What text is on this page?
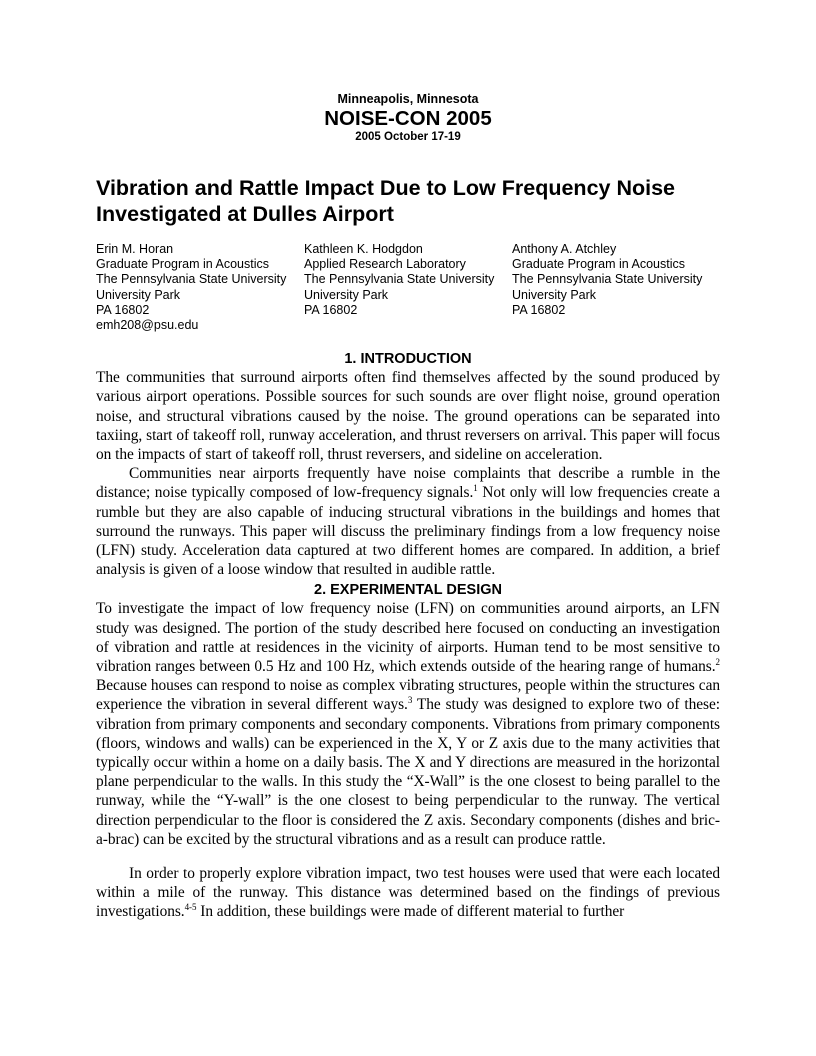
Minneapolis, Minnesota
NOISE-CON 2005
2005 October 17-19
Vibration and Rattle Impact Due to Low Frequency Noise Investigated at Dulles Airport
Erin M. Horan
Graduate Program in Acoustics
The Pennsylvania State University
University Park
PA 16802
emh208@psu.edu
Kathleen K. Hodgdon
Applied Research Laboratory
The Pennsylvania State University
University Park
PA 16802
Anthony A. Atchley
Graduate Program in Acoustics
The Pennsylvania State University
University Park
PA 16802
1. INTRODUCTION

The communities that surround airports often find themselves affected by the sound produced by various airport operations. Possible sources for such sounds are over flight noise, ground operation noise, and structural vibrations caused by the noise. The ground operations can be separated into taxiing, start of takeoff roll, runway acceleration, and thrust reversers on arrival. This paper will focus on the impacts of start of takeoff roll, thrust reversers, and sideline on acceleration.

Communities near airports frequently have noise complaints that describe a rumble in the distance; noise typically composed of low-frequency signals.$^1$ Not only will low frequencies create a rumble but they are also capable of inducing structural vibrations in the buildings and homes that surround the runways. This paper will discuss the preliminary findings from a low frequency noise (LFN) study. Acceleration data captured at two different homes are compared. In addition, a brief analysis is given of a loose window that resulted in audible rattle.

2. EXPERIMENTAL DESIGN

To investigate the impact of low frequency noise (LFN) on communities around airports, an LFN study was designed. The portion of the study described here focused on conducting an investigation of vibration and rattle at residences in the vicinity of airports. Human tend to be most sensitive to vibration ranges between 0.5 Hz and 100 Hz, which extends outside of the hearing range of humans.$^2$ Because houses can respond to noise as complex vibrating structures, people within the structures can experience the vibration in several different ways.$^3$ The study was designed to explore two of these: vibration from primary components and secondary components. Vibrations from primary components (floors, windows and walls) can be experienced in the X, Y or Z axis due to the many activities that typically occur within a home on a daily basis. The X and Y directions are measured in the horizontal plane perpendicular to the walls. In this study the “X-Wall” is the one closest to being parallel to the runway, while the “Y-wall” is the one closest to being perpendicular to the runway. The vertical direction perpendicular to the floor is considered the Z axis. Secondary components (dishes and bric-a-brac) can be excited by the structural vibrations and as a result can produce rattle.

In order to properly explore vibration impact, two test houses were used that were each located within a mile of the runway. This distance was determined based on the findings of previous investigations.$^{4-5}$ In addition, these buildings were made of different material to further
